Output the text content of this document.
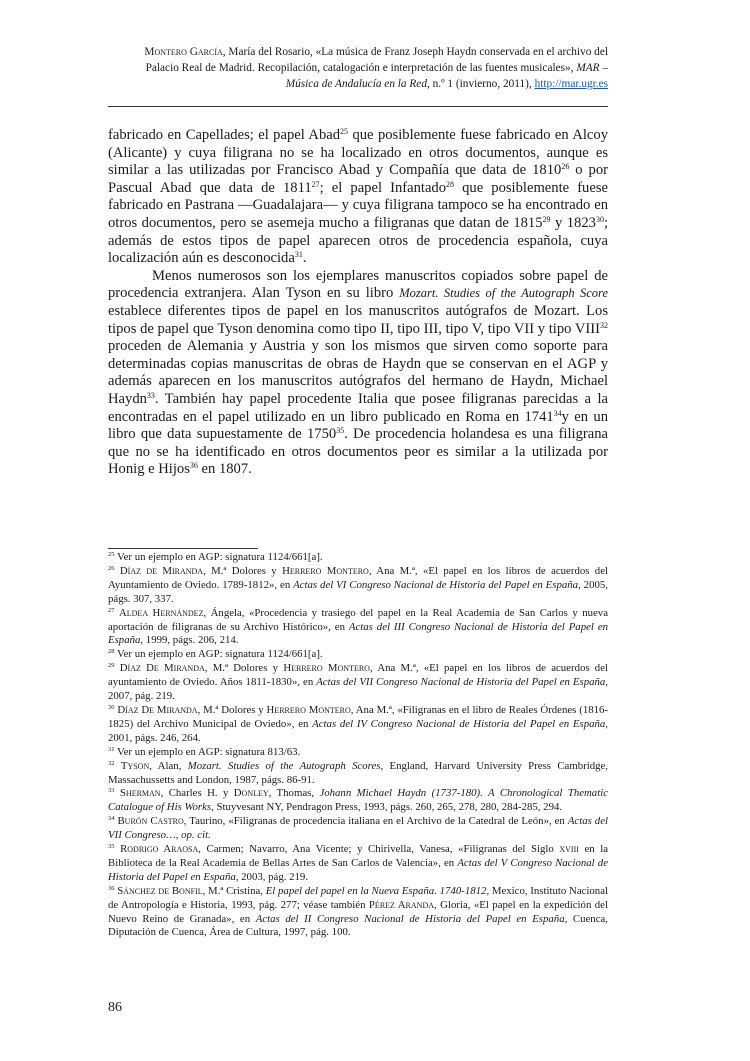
Montero García, María del Rosario, «La música de Franz Joseph Haydn conservada en el archivo del Palacio Real de Madrid. Recopilación, catalogación e interpretación de las fuentes musicales», MAR – Música de Andalucía en la Red, n.º 1 (invierno, 2011), http://mar.ugr.es

fabricado en Capellades; el papel Abad$^{25}$ que posiblemente fuese fabricado en Alcoy (Alicante) y cuya filigrana no se ha localizado en otros documentos, aunque es similar a las utilizadas por Francisco Abad y Compañía que data de 1810$^{26}$ o por Pascual Abad que data de 1811$^{27}$; el papel Infantado$^{28}$ que posiblemente fuese fabricado en Pastrana —Guadalajara— y cuya filigrana tampoco se ha encontrado en otros documentos, pero se asemeja mucho a filigranas que datan de 1815$^{29}$ y 1823$^{30}$; además de estos tipos de papel aparecen otros de procedencia española, cuya localización aún es desconocida$^{31}$.

Menos numerosos son los ejemplares manuscritos copiados sobre papel de procedencia extranjera. Alan Tyson en su libro Mozart. Studies of the Autograph Score establece diferentes tipos de papel en los manuscritos autógrafos de Mozart. Los tipos de papel que Tyson denomina como tipo II, tipo III, tipo V, tipo VII y tipo VIII$^{32}$ proceden de Alemania y Austria y son los mismos que sirven como soporte para determinadas copias manuscritas de obras de Haydn que se conservan en el AGP y además aparecen en los manuscritos autógrafos del hermano de Haydn, Michael Haydn$^{33}$. También hay papel procedente Italia que posee filigranas parecidas a la encontradas en el papel utilizado en un libro publicado en Roma en 1741$^{34}$y en un libro que data supuestamente de 1750$^{35}$. De procedencia holandesa es una filigrana que no se ha identificado en otros documentos peor es similar a la utilizada por Honig e Hijos$^{36}$ en 1807.

$^{25}$ Ver un ejemplo en AGP: signatura 1124/661[a].

$^{26}$ Díaz de Miranda, M.ª Dolores y Herrero Montero, Ana M.ª, «El papel en los libros de acuerdos del Ayuntamiento de Oviedo. 1789-1812», en Actas del VI Congreso Nacional de Historia del Papel en España, 2005, págs. 307, 337.

$^{27}$ Aldea Hernández, Ángela, «Procedencia y trasiego del papel en la Real Academia de San Carlos y nueva aportación de filigranas de su Archivo Histórico», en Actas del III Congreso Nacional de Historia del Papel en España, 1999, págs. 206, 214.

$^{28}$ Ver un ejemplo en AGP: signatura 1124/661[a].

$^{29}$ Díaz De Miranda, M.ª Dolores y Herrero Montero, Ana M.ª, «El papel en los libros de acuerdos del ayuntamiento de Oviedo. Años 1811-1830», en Actas del VII Congreso Nacional de Historia del Papel en España, 2007, pág. 219.

$^{30}$ Díaz De Miranda, M.ª Dolores y Herrero Montero, Ana M.ª, «Filigranas en el libro de Reales Órdenes (1816-1825) del Archivo Municipal de Oviedo», en Actas del IV Congreso Nacional de Historia del Papel en España, 2001, págs. 246, 264.

$^{31}$ Ver un ejemplo en AGP: signatura 813/63.

$^{32}$ Tyson, Alan, Mozart. Studies of the Autograph Scores, England, Harvard University Press Cambridge, Massachussetts and London, 1987, págs. 86-91.

$^{33}$ Sherman, Charles H. y Donley, Thomas, Johann Michael Haydn (1737-180). A Chronological Thematic Catalogue of His Works, Stuyvesant NY, Pendragon Press, 1993, págs. 260, 265, 278, 280, 284-285, 294.

$^{34}$ Burón Castro, Taurino, «Filigranas de procedencia italiana en el Archivo de la Catedral de León», en Actas del VII Congreso…, op. cit.

$^{35}$ Rodrigo Araosa, Carmen; Navarro, Ana Vicente; y Chirivella, Vanesa, «Filigranas del Siglo xviii en la Biblioteca de la Real Academia de Bellas Artes de San Carlos de Valencia», en Actas del V Congreso Nacional de Historia del Papel en España, 2003, pág. 219.

$^{36}$ Sánchez de Bonfil, M.ª Cristina, El papel del papel en la Nueva España. 1740-1812, Mexico, Instituto Nacional de Antropología e Historia, 1993, pág. 277; véase también Pérez Aranda, Gloria, «El papel en la expedición del Nuevo Reino de Granada», en Actas del II Congreso Nacional de Historia del Papel en España, Cuenca, Diputación de Cuenca, Área de Cultura, 1997, pág. 100.

86
